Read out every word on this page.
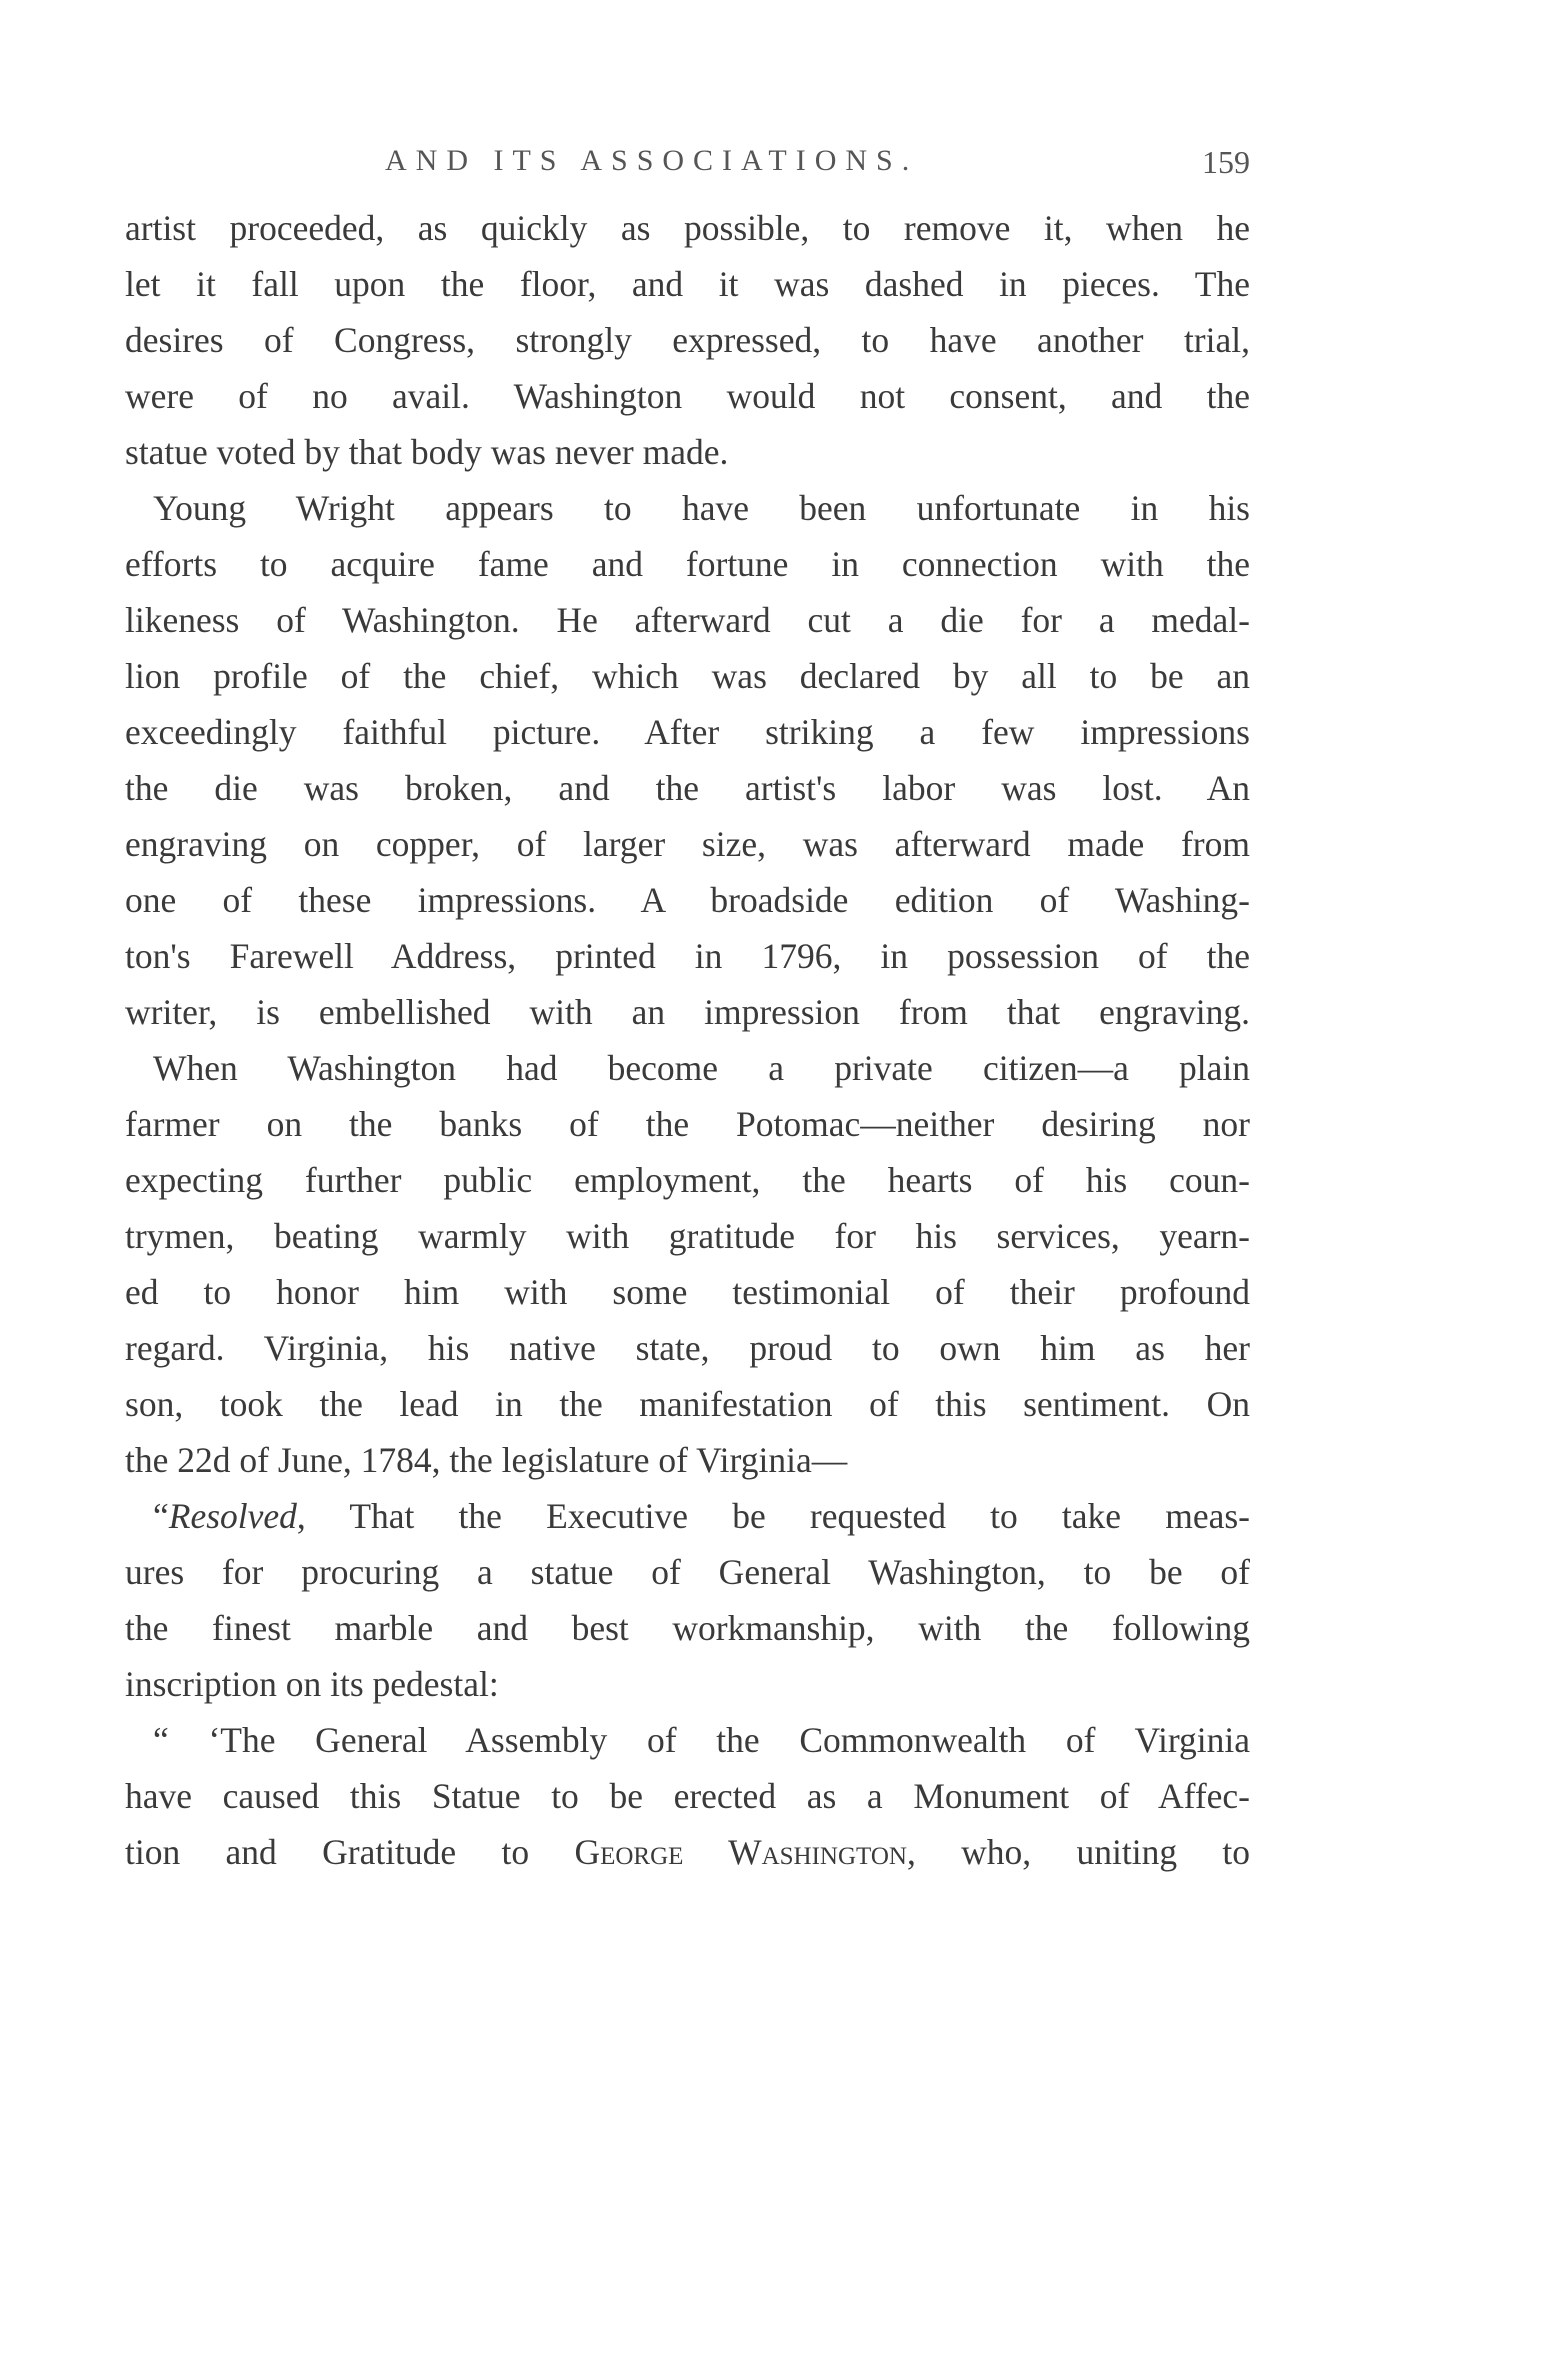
AND ITS ASSOCIATIONS.	159
artist proceeded, as quickly as possible, to remove it, when he
let it fall upon the floor, and it was dashed in pieces. The
desires of Congress, strongly expressed, to have another trial,
were of no avail. Washington would not consent, and the
statue voted by that body was never made.
Young Wright appears to have been unfortunate in his
efforts to acquire fame and fortune in connection with the
likeness of Washington. He afterward cut a die for a medal-
lion profile of the chief, which was declared by all to be an
exceedingly faithful picture. After striking a few impressions
the die was broken, and the artist's labor was lost. An
engraving on copper, of larger size, was afterward made from
one of these impressions. A broadside edition of Washing-
ton's Farewell Address, printed in 1796, in possession of the
writer, is embellished with an impression from that engraving.
When Washington had become a private citizen—a plain
farmer on the banks of the Potomac—neither desiring nor
expecting further public employment, the hearts of his coun-
trymen, beating warmly with gratitude for his services, yearn-
ed to honor him with some testimonial of their profound
regard. Virginia, his native state, proud to own him as her
son, took the lead in the manifestation of this sentiment. On
the 22d of June, 1784, the legislature of Virginia—
“Resolved, That the Executive be requested to take meas-
ures for procuring a statue of General Washington, to be of
the finest marble and best workmanship, with the following
inscription on its pedestal:
“ ‘The General Assembly of the Commonwealth of Virginia
have caused this Statue to be erected as a Monument of Affec-
tion and Gratitude to George Washington, who, uniting to
